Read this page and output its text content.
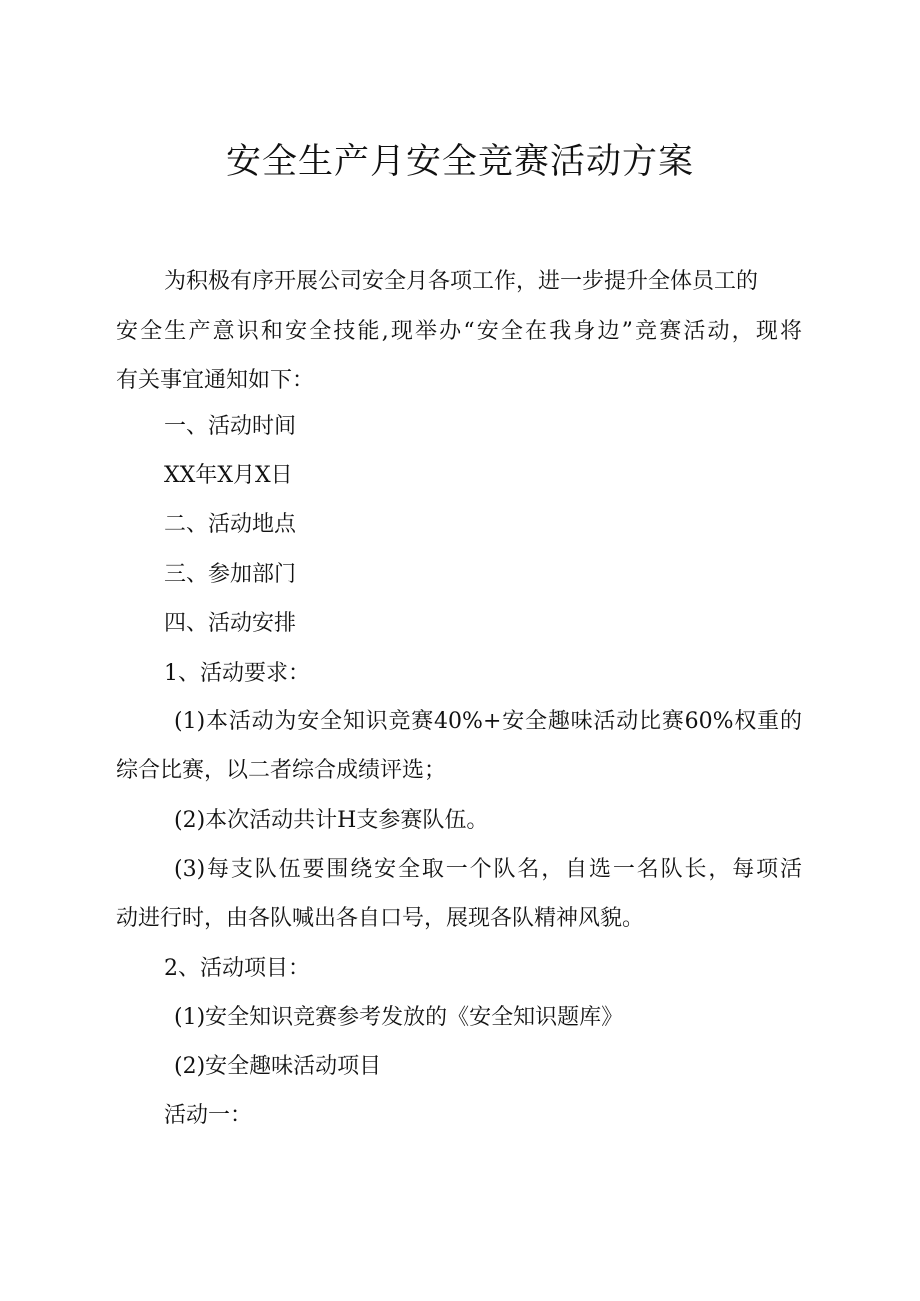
安全生产月安全竞赛活动方案
为积极有序开展公司安全月各项工作，进一步提升全体员工的
安全生产意识和安全技能,现举办“安全在我身边”竞赛活动，现将
有关事宜通知如下：
一、活动时间
XX年X月X日
二、活动地点
三、参加部门
四、活动安排
1、活动要求：
(1)本活动为安全知识竞赛40%+安全趣味活动比赛60%权重的
综合比赛，以二者综合成绩评选；
(2)本次活动共计H支参赛队伍。
(3)每支队伍要围绕安全取一个队名，自选一名队长，每项活
动进行时，由各队喊出各自口号，展现各队精神风貌。
2、活动项目：
(1)安全知识竞赛参考发放的《安全知识题库》
(2)安全趣味活动项目
活动一：
